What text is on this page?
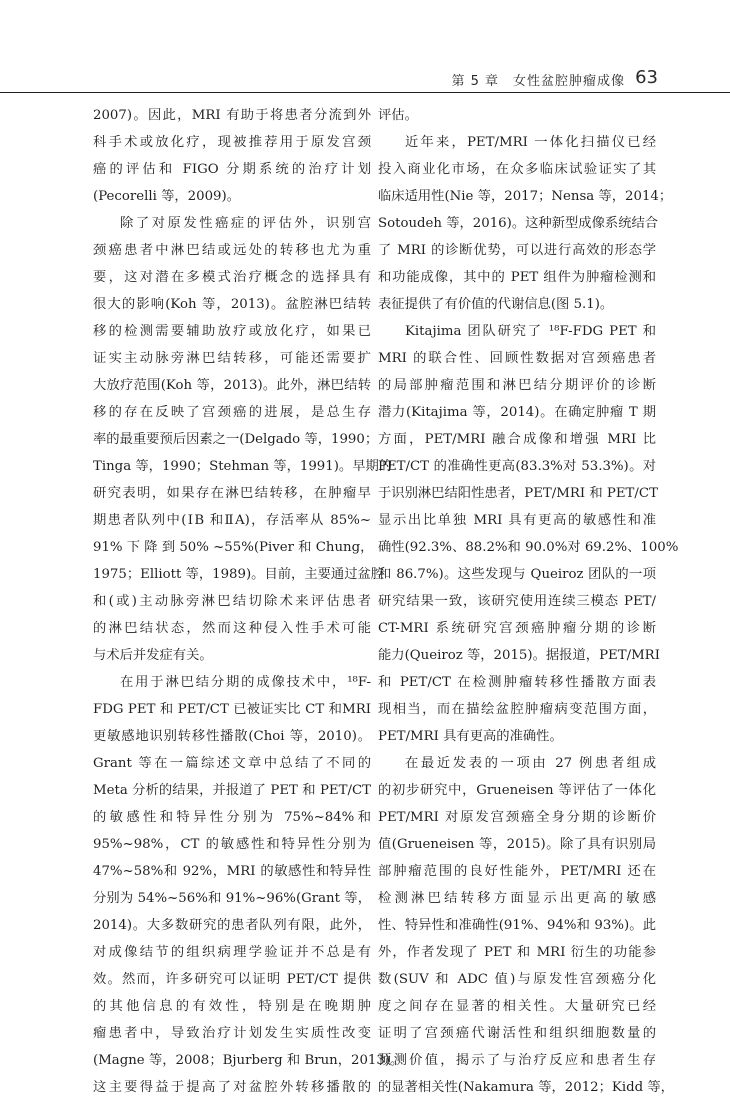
第 5 章　女性盆腔肿瘤成像 63
2007)。因此，MRI 有助于将患者分流到外
科手术或放化疗，现被推荐用于原发宫颈
癌的评估和 FIGO 分期系统的治疗计划
(Pecorelli 等，2009)。
除了对原发性癌症的评估外，识别宫
颈癌患者中淋巴结或远处的转移也尤为重
要，这对潜在多模式治疗概念的选择具有
很大的影响(Koh 等，2013)。盆腔淋巴结转
移的检测需要辅助放疗或放化疗，如果已
证实主动脉旁淋巴结转移，可能还需要扩
大放疗范围(Koh 等，2013)。此外，淋巴结转
移的存在反映了宫颈癌的进展，是总生存
率的最重要预后因素之一(Delgado 等，1990；
Tinga 等，1990；Stehman 等，1991)。早期的
研究表明，如果存在淋巴结转移，在肿瘤早
期患者队列中(ⅠB 和ⅡA)，存活率从 85%~
91% 下 降 到 50% ~55%(Piver 和 Chung，
1975；Elliott 等，1989)。目前，主要通过盆腔
和(或)主动脉旁淋巴结切除术来评估患者
的淋巴结状态，然而这种侵入性手术可能
与术后并发症有关。
在用于淋巴结分期的成像技术中，¹⁸F-
FDG PET 和 PET/CT 已被证实比 CT 和MRI
更敏感地识别转移性播散(Choi 等，2010)。
Grant 等在一篇综述文章中总结了不同的
Meta 分析的结果，并报道了 PET 和 PET/CT
的敏感性和特异性分别为 75%~84%和
95%~98%，CT 的敏感性和特异性分别为
47%~58%和 92%，MRI 的敏感性和特异性
分别为 54%~56%和 91%~96%(Grant 等，
2014)。大多数研究的患者队列有限，此外，
对成像结节的组织病理学验证并不总是有
效。然而，许多研究可以证明 PET/CT 提供
的其他信息的有效性，特别是在晚期肿
瘤患者中，导致治疗计划发生实质性改变
(Magne 等，2008；Bjurberg 和 Brun，2013)。
这主要得益于提高了对盆腔外转移播散的
评估。
近年来，PET/MRI 一体化扫描仪已经
投入商业化市场，在众多临床试验证实了其
临床适用性(Nie 等，2017；Nensa 等，2014；
Sotoudeh 等，2016)。这种新型成像系统结合
了 MRI 的诊断优势，可以进行高效的形态学
和功能成像，其中的 PET 组件为肿瘤检测和
表征提供了有价值的代谢信息(图 5.1)。
Kitajima 团队研究了 ¹⁸F-FDG PET 和
MRI 的联合性、回顾性数据对宫颈癌患者
的局部肿瘤范围和淋巴结分期评价的诊断
潜力(Kitajima 等，2014)。在确定肿瘤 T 期
方面，PET/MRI 融合成像和增强 MRI 比
PET/CT 的准确性更高(83.3%对 53.3%)。对
于识别淋巴结阳性患者，PET/MRI 和 PET/CT
显示出比单独 MRI 具有更高的敏感性和准
确性(92.3%、88.2%和 90.0%对 69.2%、100%
和 86.7%)。这些发现与 Queiroz 团队的一项
研究结果一致，该研究使用连续三模态 PET/
CT-MRI 系统研究宫颈癌肿瘤分期的诊断
能力(Queiroz 等，2015)。据报道，PET/MRI
和 PET/CT 在检测肿瘤转移性播散方面表
现相当，而在描绘盆腔肿瘤病变范围方面，
PET/MRI 具有更高的准确性。
在最近发表的一项由 27 例患者组成
的初步研究中，Grueneisen 等评估了一体化
PET/MRI 对原发宫颈癌全身分期的诊断价
值(Grueneisen 等，2015)。除了具有识别局
部肿瘤范围的良好性能外，PET/MRI 还在
检测淋巴结转移方面显示出更高的敏感
性、特异性和准确性(91%、94%和 93%)。此
外，作者发现了 PET 和 MRI 衍生的功能参
数(SUV 和 ADC 值)与原发性宫颈癌分化
度之间存在显著的相关性。大量研究已经
证明了宫颈癌代谢活性和组织细胞数量的
预测价值，揭示了与治疗反应和患者生存
的显著相关性(Nakamura 等，2012；Kidd 等，
